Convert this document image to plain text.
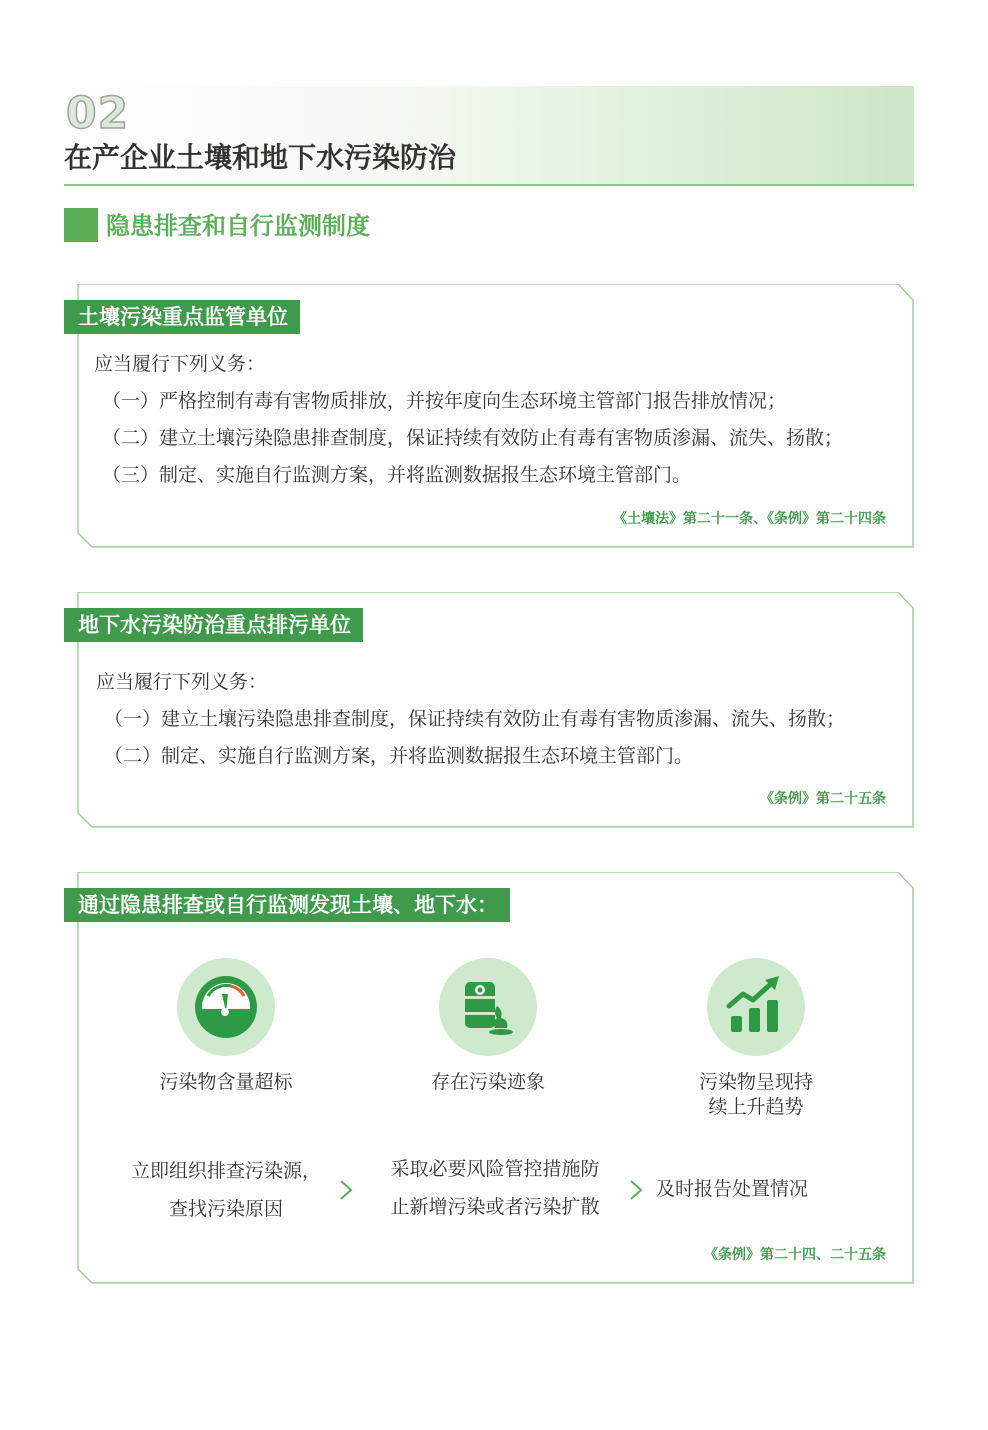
02
在产企业土壤和地下水污染防治
隐患排查和自行监测制度
土壤污染重点监管单位
应当履行下列义务：
（一）严格控制有毒有害物质排放，并按年度向生态环境主管部门报告排放情况；
（二）建立土壤污染隐患排查制度，保证持续有效防止有毒有害物质渗漏、流失、扬散；
（三）制定、实施自行监测方案，并将监测数据报生态环境主管部门。
《土壤法》第二十一条、《条例》第二十四条
地下水污染防治重点排污单位
应当履行下列义务：
（一）建立土壤污染隐患排查制度，保证持续有效防止有毒有害物质渗漏、流失、扬散；
（二）制定、实施自行监测方案，并将监测数据报生态环境主管部门。
《条例》第二十五条
通过隐患排查或自行监测发现土壤、地下水：
污染物含量超标	存在污染迹象	污染物呈现持
续上升趋势
立即组织排查污染源，
查找污染原因
采取必要风险管控措施防
止新增污染或者污染扩散
及时报告处置情况
《条例》第二十四、二十五条
